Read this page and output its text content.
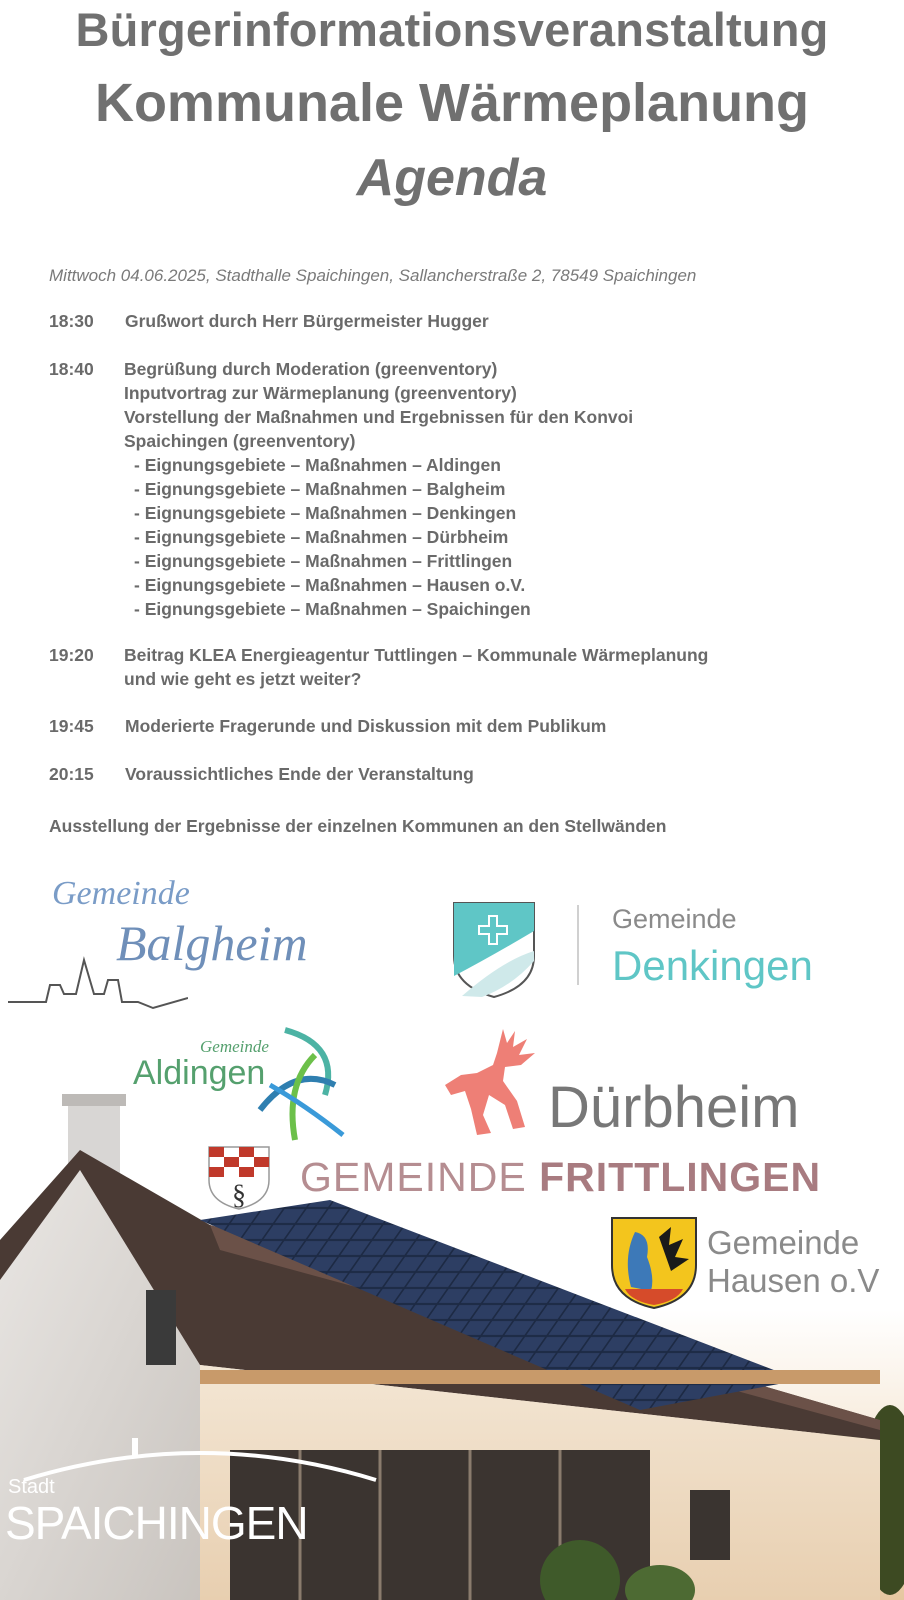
Bürgerinformationsveranstaltung
Kommunale Wärmeplanung
Agenda
Mittwoch 04.06.2025, Stadthalle Spaichingen, Sallancherstraße 2, 78549 Spaichingen
18:30 Grußwort durch Herr Bürgermeister Hugger
18:40	Begrüßung durch Moderation (greenventory)
Inputvortrag zur Wärmeplanung (greenventory)
Vorstellung der Maßnahmen und Ergebnissen für den Konvoi
Spaichingen (greenventory)
- Eignungsgebiete – Maßnahmen – Aldingen
- Eignungsgebiete – Maßnahmen – Balgheim
- Eignungsgebiete – Maßnahmen – Denkingen
- Eignungsgebiete – Maßnahmen – Dürbheim
- Eignungsgebiete – Maßnahmen – Frittlingen
- Eignungsgebiete – Maßnahmen – Hausen o.V.
- Eignungsgebiete – Maßnahmen – Spaichingen
19:20	Beitrag KLEA Energieagentur Tuttlingen – Kommunale Wärmeplanung
und wie geht es jetzt weiter?
19:45 Moderierte Fragerunde und Diskussion mit dem Publikum
20:15 Voraussichtliches Ende der Veranstaltung
Ausstellung der Ergebnisse der einzelnen Kommunen an den Stellwänden
Gemeinde
Balgheim	Gemeinde
Denkingen
Gemeinde
Aldingen
Dürbheim
§ GEMEINDE FRITTLINGEN
Gemeinde
Hausen o.V
Stadt
SPAICHINGEN
